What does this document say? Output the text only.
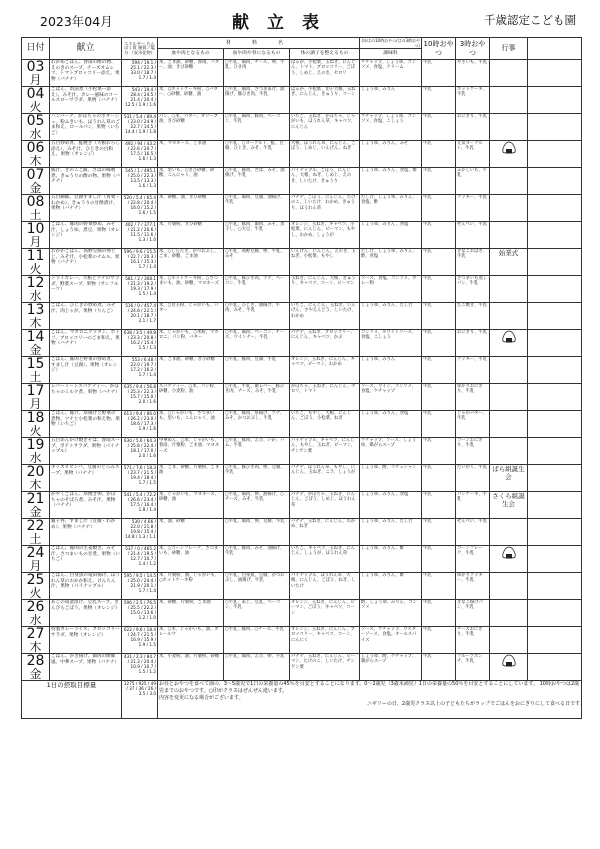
2023年04月	献立表	千歳認定こども園
日付	献立	エネルギー たんぱく質 脂質／塩分 （炭水化物）	材　料　名			(ゆはの10時おやつ/はの3時おやつ)	10時おやつ	3時おやつ	行事	
			血や肉となるもの	血や肉や骨になるもの	体の調子を整えるもの	調味料				

03
月	わかめごはん、春雨の酢の物、えのきのスープ、チーズオムレツ、トマトブロッコリー添え、果物（バナナ）	594 / 19.1 / 25.1 / 22.3 / 33.0 / 18.7 / 1.7 / 1.4	米、ごま油、砂糖、春雨、パター、油、きび砂糖	○牛乳、鶏肉、チーズ、卵、牛乳、ひき肉	はるか、小松菜、玉ねぎ、にんじん、トマト、ブロッコリー、ごぼう、しめじ、えのき、セロリ	ケチャップ、しょうゆ、コンソメ、食塩、クリーム	牛乳	やきいも、牛乳		

04
火	ごはん、筑前煮（小松菜ー添え）、みそ汁、カレー風味のコールスローサラダ、果物（バナナ）	543 / 19.4 / 28.4 / 24.5 / 21.4 / 20.4 / 12.5 / 1.9 / 1.6	米、○ホットケーキ粉、○バター、○砂糖、砂糖、油	○牛乳、鶏肉、さつまあげ、油揚げ、豚ひき肉、牛乳	はるか、小松菜、切干大根、玉ねぎ、にんじん、きゅうり、コーン	しょうゆ、みりん	牛乳	ホットケーキ、牛乳		

05
水	ハンバーグ、かぼちゃのポタージュ、粉ふきいも、ほうれん草のごま和え、ロールパン、果物（いちご）	531 / 5.4 / 89.4 / 23.0 / 24.9 / 22.7 / 14.5 / 14.4 / 1.9 / 1.8	パン、○米、パター、オリーブ油、きび砂糖	○牛乳、鶏肉、豚肉、ベーコン、牛乳	いちご、玉ねぎ、かぼちゃ、じゃがいも、ほうれん草、キャベツ、にんじん	ケチャップ、しょうゆ、コンソメ、食塩、こしょう	牛乳	おにぎり、牛乳		

06
木	五目炒め煮、鮭焼き（大根おろし添え）、みそ汁、ひじきの白和え、果物（オレンジ）	492 / 94 / 43.2 / 22.6 / 20.7 / 17.5 / 16.5 / 1.6 / 1.3	米、マヨネーズ、ごま油	○牛乳、○ヨーグルト、鮭、豆腐、ひじき、みそ、牛乳	大根、ほうれん草、にんじん、ごぼう、しめじ、いんげん、ねぎ	しょうゆ、みりん、みそ	牛乳	元気ヨーグルト、牛乳		

07
金	豚汁、きのこご飯、さばの味噌煮、きゅうりの酢の物、果物（バナナ）	545 / 1 / 495.1 / 25.0 / 22.3 / 13.5 / 13.3 / 1.6 / 1.3	米、里いも、○きび砂糖、砂糖、こんにゃく、油	○牛乳、豚肉、さば、みそ、油揚げ、牛乳	パイナップル、ごぼう、にんじん、大根、ねぎ、しめじ、えのき、しいたけ、きゅうり	しょうゆ、みりん、食塩、酢	牛乳	ふかしいも、牛乳		

08
土	五目御飯、豆腐すまし汁（青菜・わかめ）、きゅうりの甘酢漬け、果物（バナナ）	520 / 5.4 / 65.4 / 22.8 / 20.4 / 16.0 / 15.2 / 1.6 / 1.5	米、砂糖、油、きび砂糖	○牛乳、鶏肉、豆腐、油揚げ、牛乳	バナナ、ごぼう、にんじん、たけのこ、しいたけ、わかめ、きゅうり、ほうれん草	だし汁、しょうゆ、みりん、食塩、酢	牛乳	クッキー、牛乳		

10
月	ごはん、豚肉の野菜炒め、みそ汁、しょうゆ、煮豆、果物（オレンジ）	402 / 7 / 377.1 / 21.2 / 20.6 / 11.5 / 11.6 / 1.3 / 1.0	米、片栗粉、きび砂糖	○牛乳、豚肉、鶏肉、みそ、煮干し、○大豆、牛乳	オレンジ、玉ねぎ、キャベツ、小松菜、にんじん、ピーマン、もやし、わかめ、しょうが	しょうゆ、みりん、食塩	牛乳	せんべい、牛乳		

11
火	おかかごはん、高野豆腐の卵とじ、みそ汁、小松菜のナムル、果物（バナナ）	596 / 9.6 / 15.5 / 22.7 / 20.3 / 16.1 / 15.3 / 1.7 / 1.4	米、○しらたき、かつおぶし、ごま、砂糖、ごま油	○牛乳、高野豆腐、卵、牛乳、みそ	いんげん、にんじん、えのき、玉ねぎ、小松菜、もやし	だし汁、しょうゆ、みりん、酢、食塩	牛乳	きなこおはぎ、牛乳	始業式	

12
水	ドライカレー、大根とツナのサラダ、野菜スープ、果物（サンフルーツ）	581 / 2 / 308.1 / 21.3 / 19.2 / 19.3 / 17.9 / 1.5 / 1.4	米、○ホットケーキ粉、○さつまいも、油、砂糖、マヨネーズ	○牛乳、豚ひき肉、ツナ、ベーコン、牛乳	玉ねぎ、にんじん、大根、きゅうり、キャベツ、コーン、ピーマン	ソース、食塩、コンソメ、カレー粉	牛乳	さつまいも蒸しパン、牛乳		

13
木	ごはん、ひじきの炒め煮、みそ汁、肉じゃが、果物（りんご）	516 / 0 / 457.4 / 24.6 / 22.1 / 20.1 / 18.7 / 2.1 / 1.7	米、○白玉粉、じゃがいも、パター	○牛乳、ひじき、油揚げ、牛肉、みそ、牛乳	いちご、にんじん、玉ねぎ、いんげん、さやえんどう、しいたけ、わかめ	しょうゆ、みりん、だし汁	牛乳	たこ焼き、牛乳		

14
金	ごはん、マカロニグラタン、ポトフ、ブロッコリーのごま和え、果物（バナナ）	638 / 3.5 / 49.8 / 23.3 / 20.8 / 16.2 / 15.4 / 1.5 / 1.3	米、じゃがいも、○米粉、マカロニ、パン粉、バター	○牛乳、鶏肉、ベーコン、チーズ、ウインナー、牛乳	バナナ、玉ねぎ、ブロッコリー、にんじん、キャベツ、かぶ	コンソメ、ホワイトソース、食塩、こしょう	牛乳	おにぎり、牛乳		

15
土	ごはん、豚肉と野菜の炒め煮、すまし汁（豆腐）、果物（オレンジ）	553 / 6.48 / 22.0 / 19.7 / 17.2 / 16.2 / 1.7 / 1.4	米、ごま油、砂糖、きび砂糖	○牛乳、豚肉、豆腐、牛乳	オレンジ、玉ねぎ、にんじん、キャベツ、ピーマン、わかめ	しょうゆ、みりん	牛乳	クッキー、牛乳		

17
月	レバーミートスパゲティー、かぼちゃのミルク煮、果物（バナナ）	635 / 9.4 / 56.8 / 25.3 / 22.3 / 15.7 / 15.0 / 2.0 / 1.6	スパゲティー、○米、パン粉、砂糖、小麦粉、油	○牛乳、牛乳、鶏レバー、豚ひき肉、チーズ、みそ、牛乳	かぼちゃ、玉ねぎ、にんじん、セロリ、トマト	ソース、ワイン、コンソメ、食塩、ケチャップ	牛乳	ゆかりおにぎり、牛乳		

18
火	ごはん、豚汁、厚揚げと野菜の煮物、ツナと小松菜の和え物、果物（いちご）	613 / 9.4 / 86.0 / 26.2 / 23.0 / 18.6 / 17.3 / 1.9 / 1.6	米、○じゃがいも、さつまいも、里いも、こんにゃく、油	○牛乳、豚肉、厚揚げ、ツナ、みそ、かつおぶし、牛乳	いちご、もやし、大根、にんじん、ごぼう、小松菜、ねぎ	しょうゆ、みりん、食塩	牛乳	じゃがバター、牛乳		

19
水	五目あんかけ焼きそば、春雨スープ、ポテトサラダ、果物（パイナップル）	630 / 5.6 / 64.3 / 25.8 / 22.4 / 18.1 / 17.0 / 2.0 / 1.6	中華めん、○米、じゃがいも、春雨、片栗粉、ごま油、マヨネーズ	○牛乳、豚肉、えび、いか、ハム、牛乳	パイナップル、キャベツ、にんじん、もやし、玉ねぎ、ピーマン、チンゲン菜	ケチャップ、ソース、しょうゆ、鶏がらスープ	牛乳	コーンおにぎり、牛乳		

20
木	キッズビビンバ、豆腐のとろみスープ、果物（バナナ）	571 / 7.6 / 18.3 / 23.7 / 21.5 / 19.4 / 18.4 / 1.7 / 1.5	米、ごま、砂糖、片栗粉、ごま油	○牛乳、豚ひき肉、卵、豆腐、牛乳	バナナ、ほうれん草、もやし、にんじん、玉ねぎ、ニラ、しょうが	しょうゆ、酢、コチュジャン	牛乳	だいがく、牛乳	ばら組誕生会	

21
金	かやくごはん、厚焼き卵、かぼちゃのそぼろ煮、みそ汁、果物（バナナ）	541 / 5.4 / 72.2 / 26.6 / 23.4 / 17.5 / 16.4 / 1.8 / 1.4	米、じゃがいも、マヨネーズ、砂糖、油	○牛乳、鶏肉、卵、油揚げ、○チーズ、みそ、牛乳	バナナ、かぼちゃ、玉ねぎ、にんじん、ごぼう、しめじ、ほうれん草	しょうゆ、みりん、食塩	牛乳	パンケーキ、牛乳	さくら組誕生会	

22
土	親子丼、すまし汁（豆腐・わかめ）、果物（バナナ）	530 / 4.66 / 22.0 / 21.8 / 19.8 / 15.4 / 14.8 / 1.3 / 1.1	米、油、砂糖	○牛乳、鶏肉、卵、豆腐、牛乳	バナナ、玉ねぎ、にんじん、わかめ、ねぎ	しょうゆ、みりん、だし汁	牛乳	せんべい、牛乳		

24
月	ごはん、豚肉の生姜焼き、みそ汁、さつまいもの甘煮、果物（いちご）	537 / 0 / 465.2 / 21.4 / 19.5 / 12.7 / 10.7 / 1.4 / 1.2	米、○コーンフレーク、さつまいも、砂糖、油	○牛乳、豚肉、みそ、油揚げ、牛乳	いちご、キャベツ、玉ねぎ、にんじん、しょうが、ほうれん草	しょうゆ、みりん、酢	牛乳	コーンフレーク、牛乳		

25
火	ごはん、白身魚の竜田揚げ、ほうれん草のおかか和え、けんちん汁、果物（パイナップル）	595 / 9.5 / 14.5 / 25.0 / 24.4 / 21.9 / 20.1 / 1.7 / 1.4	米、片栗粉、油、じゃがいも、○ホットケーキ粉	○牛乳、白身魚、豆腐、かつおぶし、油揚げ、牛乳	パイナップル、ほうれん草、大根、にんじん、ごぼう、ねぎ、しいたけ	しょうゆ、みりん、酢	牛乳	ゆかりクッキー、牛乳		

26
水	あじの南蛮漬け、豆乳スープ、きんぴらごぼう、果物（オレンジ）	596 / 2.5 / 76.5 / 25.5 / 22.2 / 15.0 / 13.6 / 1.2 / 1.0	米、砂糖、片栗粉、ごま油	○牛乳、あじ、豆乳、ベーコン、牛乳	オレンジ、玉ねぎ、にんじん、ピーマン、ごぼう、キャベツ、コーン	酢、しょうゆ、みりん、コンソメ	牛乳	きなこ揚げパン、牛乳		

27
木	特製カレーライス、ブロッコリーサラダ、果物（オレンジ）	622 / 9.6 / 18.4 / 24.7 / 21.5 / 16.9 / 15.9 / 1.9 / 1.5	米、○米、じゃがいも、油、カレールウ	○牛乳、豚肉、○チーズ、牛乳	オレンジ、玉ねぎ、にんじん、ブロッコリー、キャベツ、コーン、にんにく	ソース、ケチャップ、ウスターソース、食塩、オールスパイス	牛乳	チーズおにぎり、牛乳		

28
金	ごはん、かき揚げ、鶏肉の酢豚風、中華スープ、果物（バナナ）	431 / 2.3 / 84.7 / 21.3 / 20.4 / 10.9 / 10.7 / 1.5 / 1.2	米、小麦粉、油、片栗粉、砂糖	○牛乳、鶏肉、えび、卵、牛乳	バナナ、玉ねぎ、にんじん、ピーマン、たけのこ、しいたけ、チンゲン菜	しょうゆ、酢、ケチャップ、鶏がらスープ	牛乳	フルーツポンチ、牛乳		
1日の摂取目標量		1275 / 925 / 49 / 37 / 36 / 26 / 3.5 / 3.0	お昼とおやつを食べて園の、3～5歳児で1日の栄養量の45％を目安とすることになります。0～2歳児（3歳未満児）1日の栄養量の50％を目安とすることにしています。 10時おやつは2歳児までのおやつです。○印がクラスはぜんぜん違います。
内容を変更になる場合がございます。
ニギリーの日、2歳児クラス以上の子どもたちがラップでごはんをおにぎりにして食べる日です							
